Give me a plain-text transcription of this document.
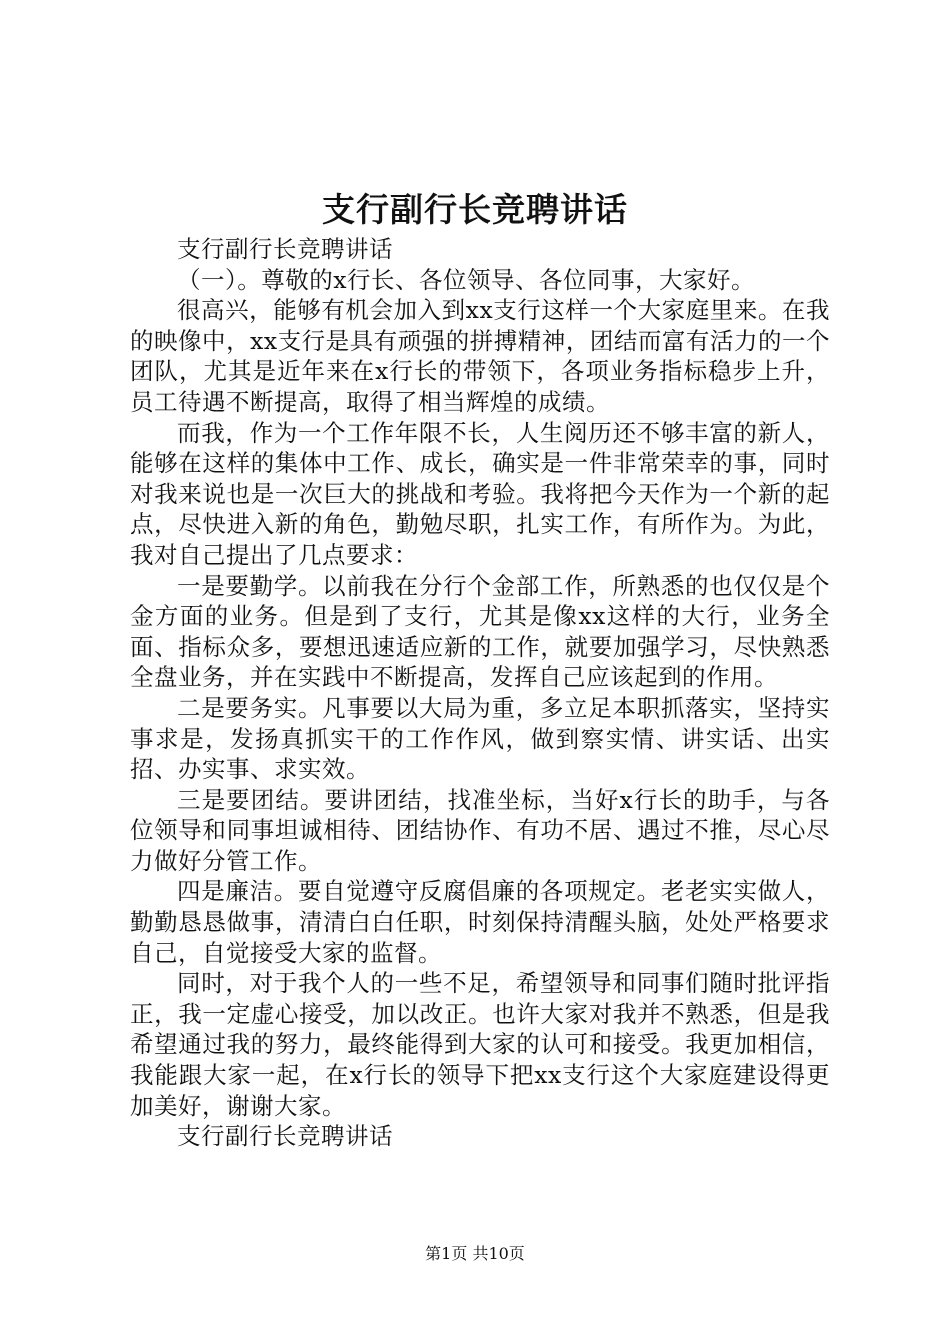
支行副行长竞聘讲话

支行副行长竞聘讲话

（一）。尊敬的x行长、各位领导、各位同事，大家好。

很高兴，能够有机会加入到xx支行这样一个大家庭里来。在我的映像中，xx支行是具有顽强的拼搏精神，团结而富有活力的一个团队，尤其是近年来在x行长的带领下，各项业务指标稳步上升，员工待遇不断提高，取得了相当辉煌的成绩。

而我，作为一个工作年限不长，人生阅历还不够丰富的新人，能够在这样的集体中工作、成长，确实是一件非常荣幸的事，同时对我来说也是一次巨大的挑战和考验。我将把今天作为一个新的起点，尽快进入新的角色，勤勉尽职，扎实工作，有所作为。为此，我对自己提出了几点要求：

一是要勤学。以前我在分行个金部工作，所熟悉的也仅仅是个金方面的业务。但是到了支行，尤其是像xx这样的大行，业务全面、指标众多，要想迅速适应新的工作，就要加强学习，尽快熟悉全盘业务，并在实践中不断提高，发挥自己应该起到的作用。

二是要务实。凡事要以大局为重，多立足本职抓落实，坚持实事求是，发扬真抓实干的工作作风，做到察实情、讲实话、出实招、办实事、求实效。

三是要团结。要讲团结，找准坐标，当好x行长的助手，与各位领导和同事坦诚相待、团结协作、有功不居、遇过不推，尽心尽力做好分管工作。

四是廉洁。要自觉遵守反腐倡廉的各项规定。老老实实做人，勤勤恳恳做事，清清白白任职，时刻保持清醒头脑，处处严格要求自己，自觉接受大家的监督。

同时，对于我个人的一些不足，希望领导和同事们随时批评指正，我一定虚心接受，加以改正。也许大家对我并不熟悉，但是我希望通过我的努力，最终能得到大家的认可和接受。我更加相信，我能跟大家一起，在x行长的领导下把xx支行这个大家庭建设得更加美好，谢谢大家。

支行副行长竞聘讲话

第1页 共10页
